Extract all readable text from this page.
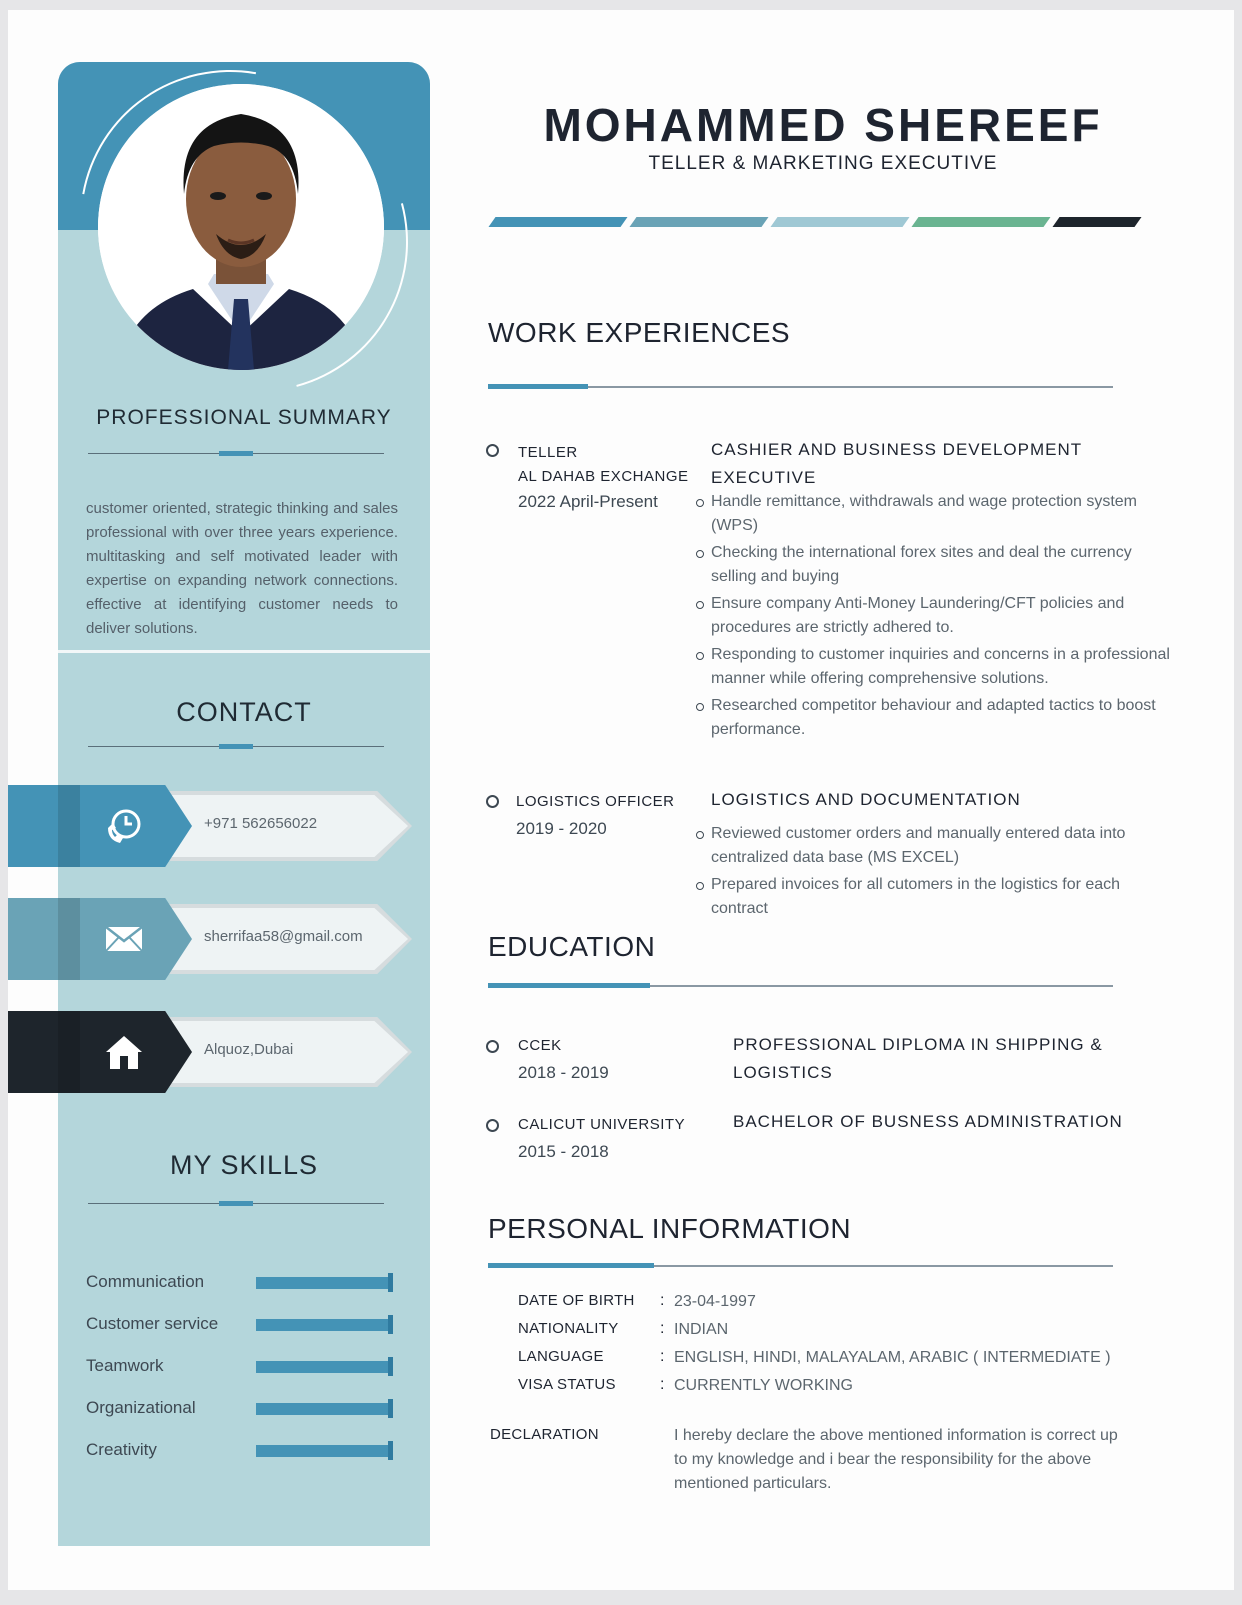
PROFESSIONAL SUMMARY

customer oriented, strategic thinking and sales professional with over three years experience. multitasking and self motivated leader with expertise on expanding network connections. effective at identifying customer needs to deliver solutions.

CONTACT
MY SKILLS
Communication
Customer service
Teamwork
Organizational
Creativity
+971 562656022
sherrifaa58@gmail.com
Alquoz,Dubai
MOHAMMED SHEREEF
TELLER & MARKETING EXECUTIVE
WORK EXPERIENCES
TELLER
AL DAHAB EXCHANGE
2022 April-Present
CASHIER AND BUSINESS DEVELOPMENT
EXECUTIVE
Handle remittance, withdrawals and wage protection system (WPS)
Checking the international forex sites and deal the currency selling and buying
Ensure company Anti-Money Laundering/CFT policies and procedures are strictly adhered to.
Responding to customer inquiries and concerns in a professional manner while offering comprehensive solutions.
Researched competitor behaviour and adapted tactics to boost performance.
LOGISTICS OFFICER
2019 - 2020
LOGISTICS AND DOCUMENTATION
Reviewed customer orders and manually entered data into centralized data base (MS EXCEL)
Prepared invoices for all cutomers in the logistics for each contract
EDUCATION
CCEK
2018 - 2019
PROFESSIONAL DIPLOMA IN SHIPPING &
LOGISTICS
CALICUT UNIVERSITY
2015 - 2018
BACHELOR OF BUSNESS ADMINISTRATION
PERSONAL INFORMATION
DATE OF BIRTH : 23-04-1997
NATIONALITY	: INDIAN
LANGUAGE	: ENGLISH, HINDI, MALAYALAM, ARABIC ( INTERMEDIATE )
VISA STATUS	: CURRENTLY WORKING
DECLARATION	I hereby declare the above mentioned information is correct up to my knowledge and i bear the responsibility for the above mentioned particulars.
